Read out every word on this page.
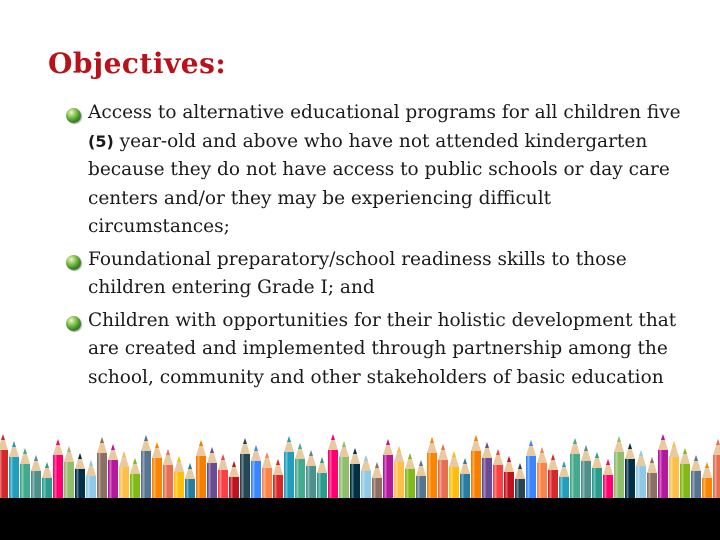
Objectives:
Access to alternative educational programs for all children five (5) year-old and above who have not attended kindergarten because they do not have access to public schools or day care centers and/or they may be experiencing difficult circumstances;
Foundational preparatory/school readiness skills to those children entering Grade I; and
Children with opportunities for their holistic development that are created and implemented through partnership among the school, community and other stakeholders of basic education
